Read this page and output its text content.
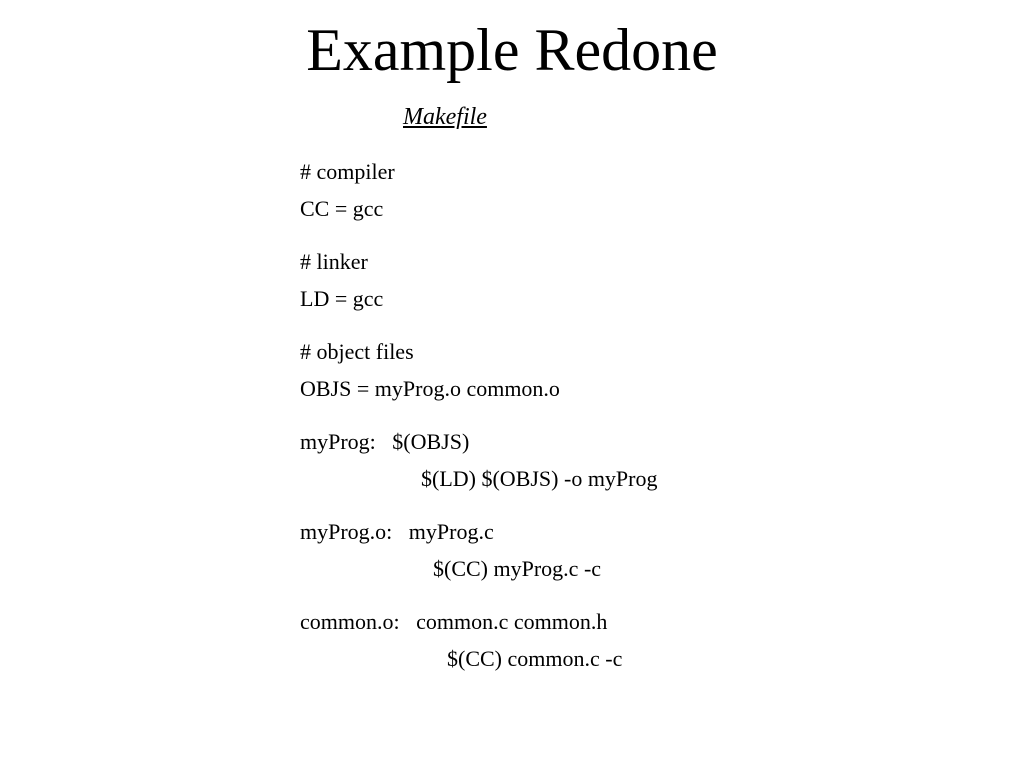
Example Redone
Makefile
# compiler
CC = gcc
# linker
LD = gcc
# object files
OBJS = myProg.o common.o
myProg:   $(OBJS)
$(LD) $(OBJS) -o myProg
myProg.o:   myProg.c
$(CC) myProg.c -c
common.o:   common.c common.h
$(CC) common.c -c
